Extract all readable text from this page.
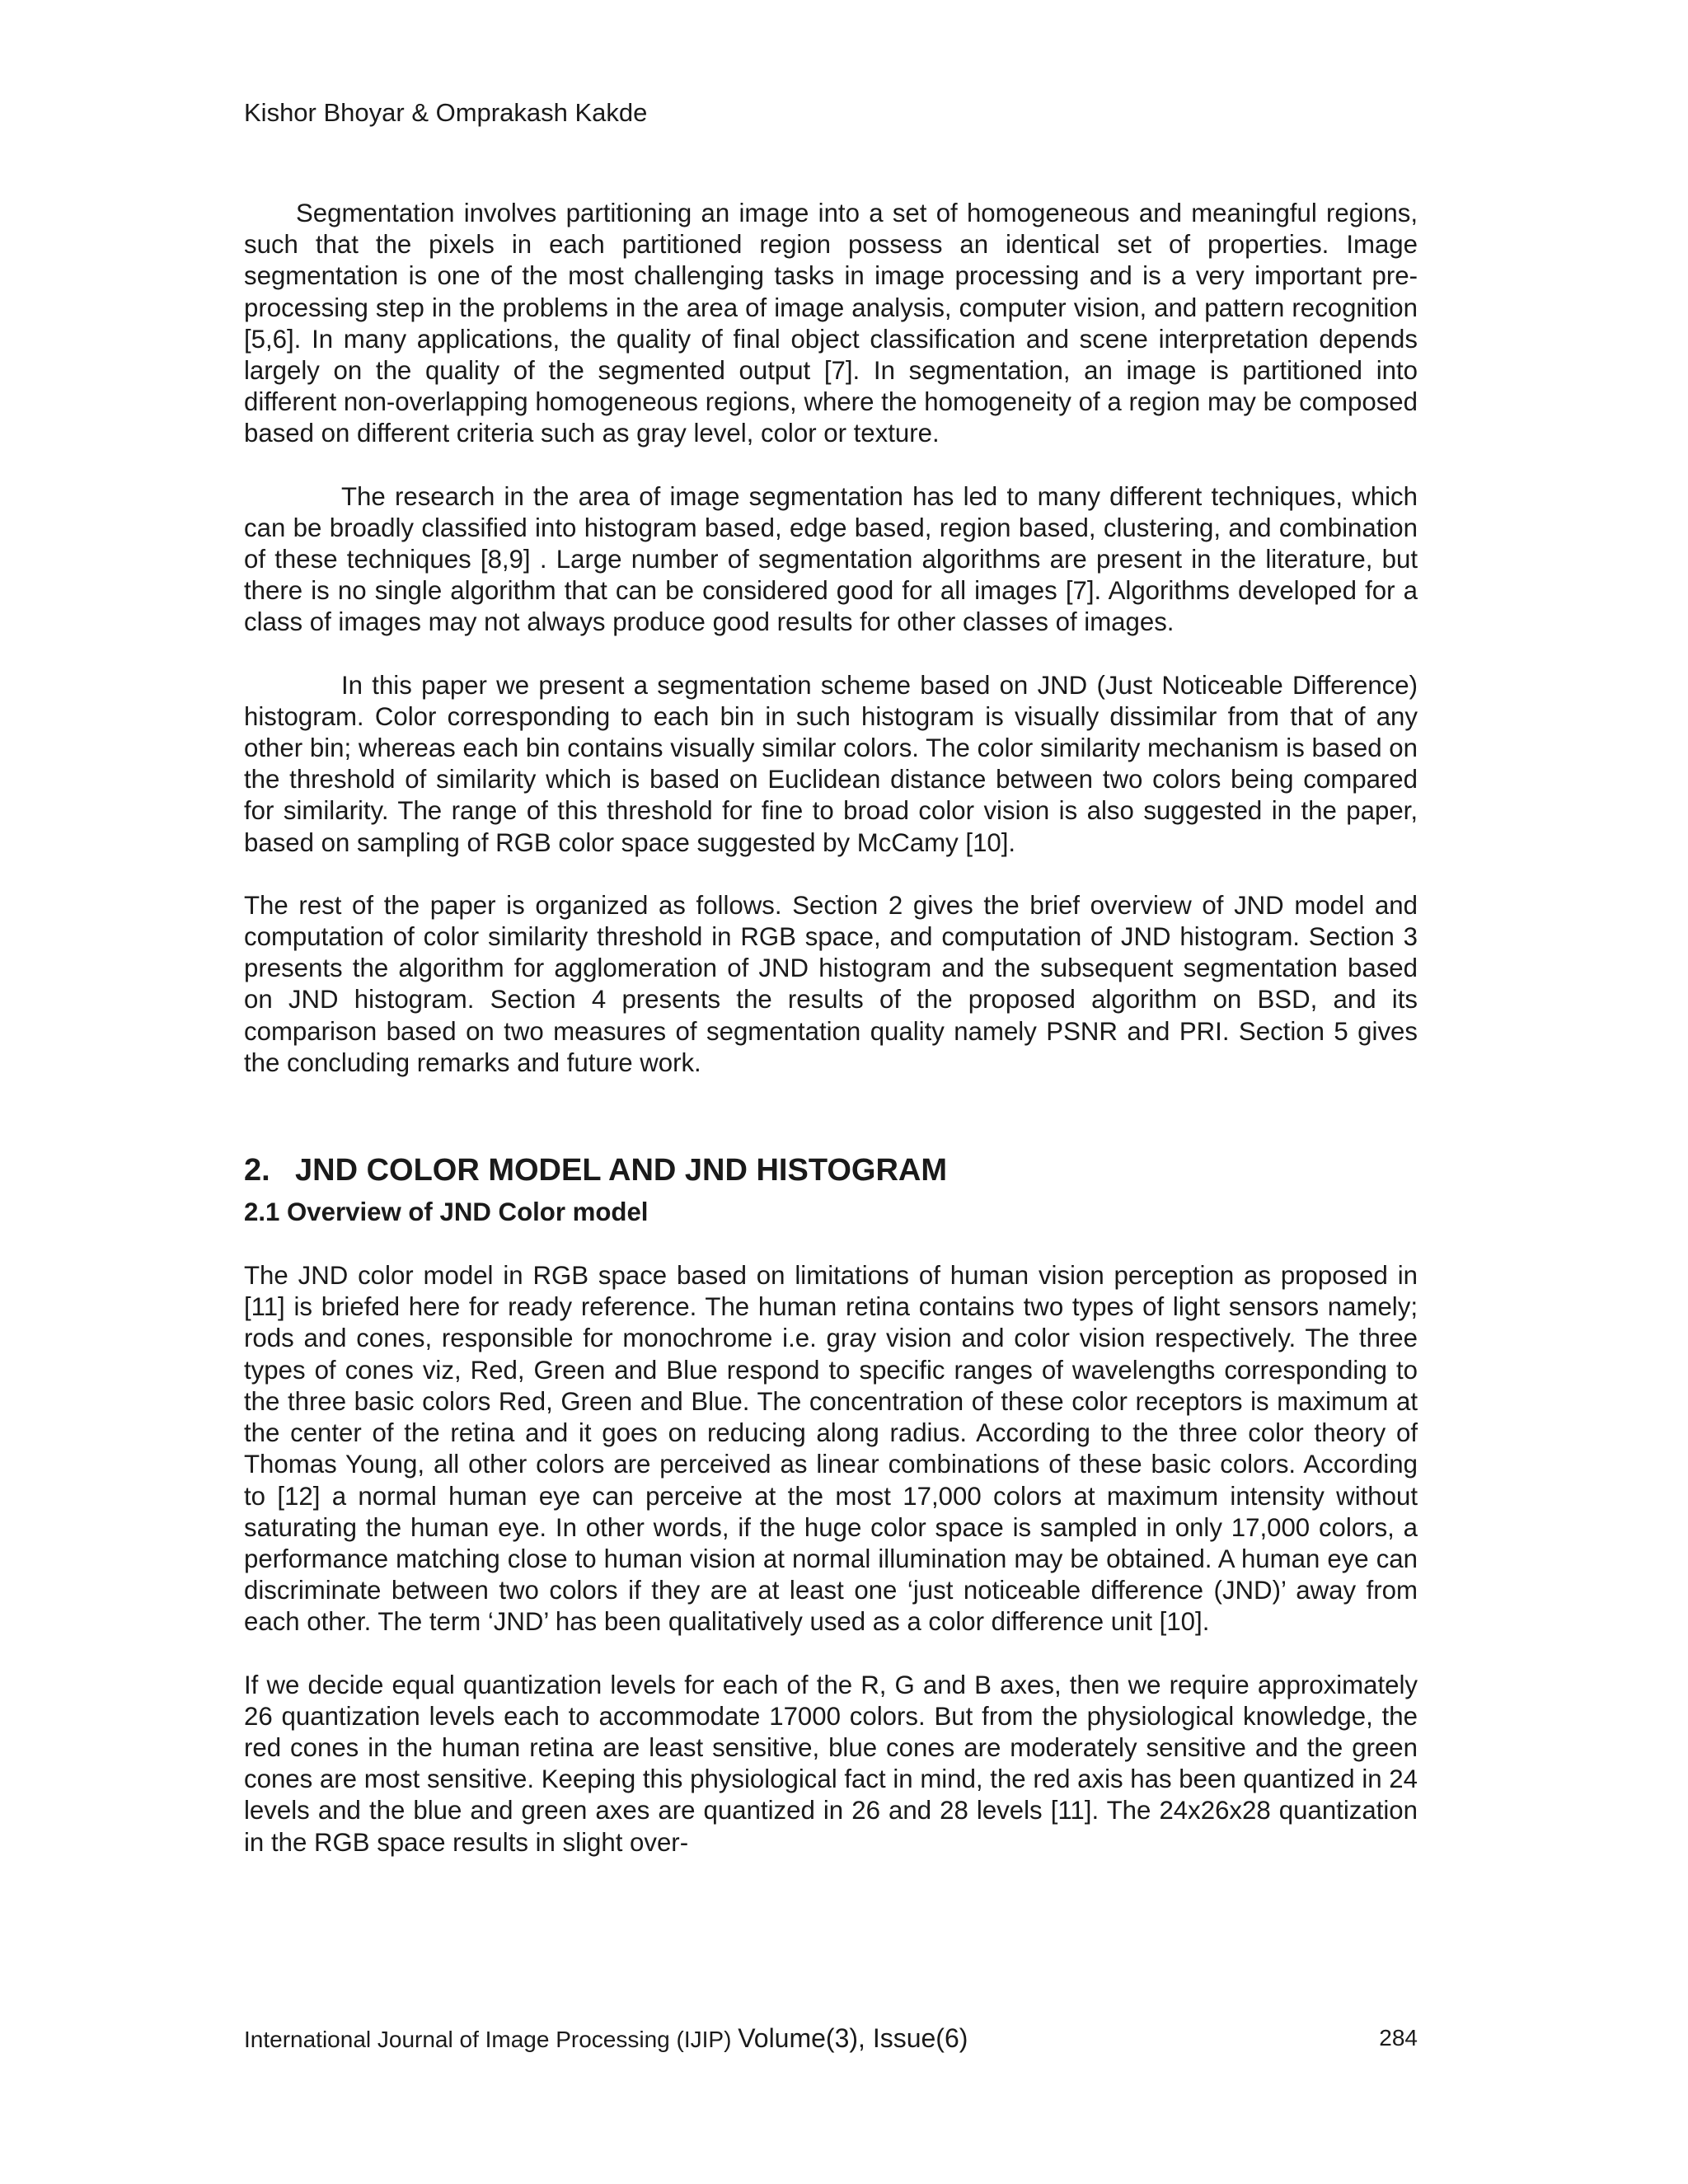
Kishor Bhoyar & Omprakash Kakde

Segmentation involves partitioning an image into a set of homogeneous and meaningful regions, such that the pixels in each partitioned region possess an identical set of properties. Image segmentation is one of the most challenging tasks in image processing and is a very important pre-processing step in the problems in the area of image analysis, computer vision, and pattern recognition [5,6]. In many applications, the quality of final object classification and scene interpretation depends largely on the quality of the segmented output [7]. In segmentation, an image is partitioned into different non-overlapping homogeneous regions, where the homogeneity of a region may be composed based on different criteria such as gray level, color or texture.

The research in the area of image segmentation has led to many different techniques, which can be broadly classified into histogram based, edge based, region based, clustering, and combination of these techniques [8,9] . Large number of segmentation algorithms are present in the literature, but there is no single algorithm that can be considered good for all images [7]. Algorithms developed for a class of images may not always produce good results for other classes of images.

In this paper we present a segmentation scheme based on JND (Just Noticeable Difference) histogram. Color corresponding to each bin in such histogram is visually dissimilar from that of any other bin; whereas each bin contains visually similar colors. The color similarity mechanism is based on the threshold of similarity which is based on Euclidean distance between two colors being compared for similarity. The range of this threshold for fine to broad color vision is also suggested in the paper, based on sampling of RGB color space suggested by McCamy [10].

The rest of the paper is organized as follows. Section 2 gives the brief overview of JND model and computation of color similarity threshold in RGB space, and computation of JND histogram. Section 3 presents the algorithm for agglomeration of JND histogram and the subsequent segmentation based on JND histogram. Section 4 presents the results of the proposed algorithm on BSD, and its comparison based on two measures of segmentation quality namely PSNR and PRI. Section 5 gives the concluding remarks and future work.

2. JND COLOR MODEL AND JND HISTOGRAM
2.1 Overview of JND Color model

The JND color model in RGB space based on limitations of human vision perception as proposed in [11] is briefed here for ready reference. The human retina contains two types of light sensors namely; rods and cones, responsible for monochrome i.e. gray vision and color vision respectively. The three types of cones viz, Red, Green and Blue respond to specific ranges of wavelengths corresponding to the three basic colors Red, Green and Blue. The concentration of these color receptors is maximum at the center of the retina and it goes on reducing along radius. According to the three color theory of Thomas Young, all other colors are perceived as linear combinations of these basic colors. According to [12] a normal human eye can perceive at the most 17,000 colors at maximum intensity without saturating the human eye. In other words, if the huge color space is sampled in only 17,000 colors, a performance matching close to human vision at normal illumination may be obtained. A human eye can discriminate between two colors if they are at least one ‘just noticeable difference (JND)’ away from each other. The term ‘JND’ has been qualitatively used as a color difference unit [10].

If we decide equal quantization levels for each of the R, G and B axes, then we require approximately 26 quantization levels each to accommodate 17000 colors. But from the physiological knowledge, the red cones in the human retina are least sensitive, blue cones are moderately sensitive and the green cones are most sensitive. Keeping this physiological fact in mind, the red axis has been quantized in 24 levels and the blue and green axes are quantized in 26 and 28 levels [11]. The 24x26x28 quantization in the RGB space results in slight over-

International Journal of Image Processing (IJIP) Volume(3), Issue(6)	284
